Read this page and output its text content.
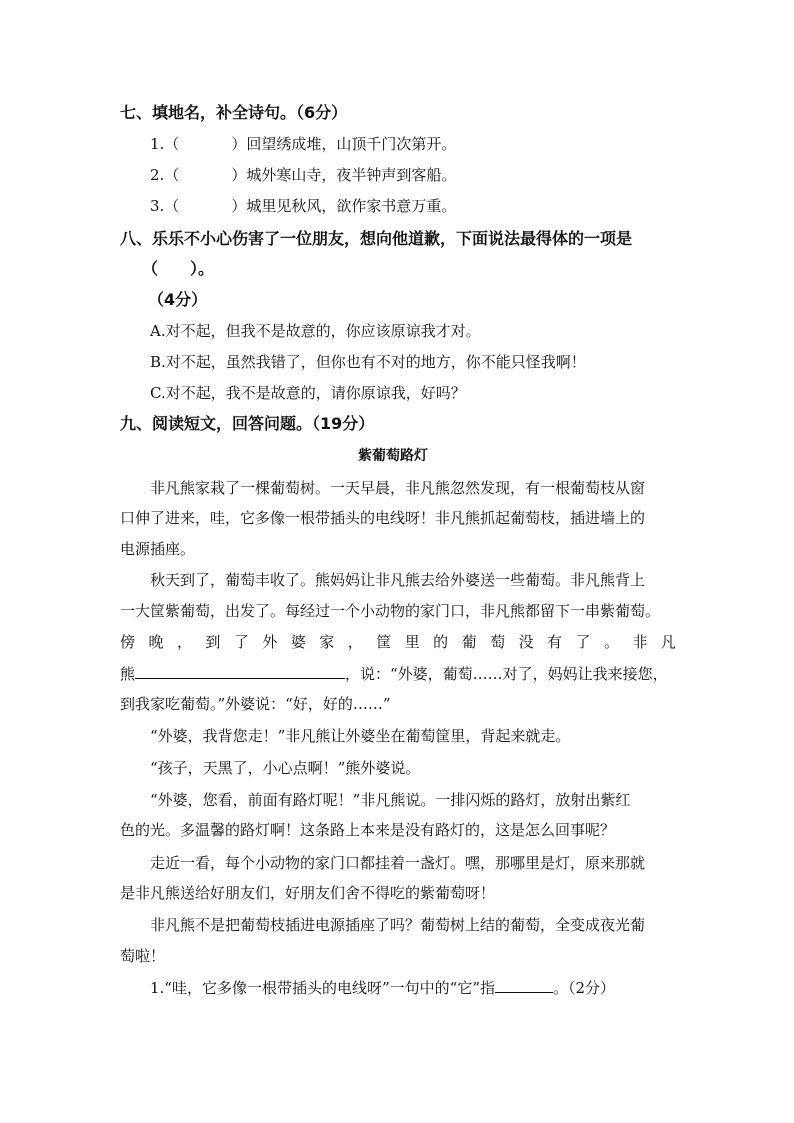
七、填地名，补全诗句。（6分）
1.（	）回望绣成堆，山顶千门次第开。
2.（	）城外寒山寺，夜半钟声到客船。
3.（	）城里见秋风，欲作家书意万重。
八、乐乐不小心伤害了一位朋友，想向他道歉，下面说法最得体的一项是
（　　）。
（4分）
A.对不起，但我不是故意的，你应该原谅我才对。
B.对不起，虽然我错了，但你也有不对的地方，你不能只怪我啊！
C.对不起，我不是故意的，请你原谅我，好吗？
九、阅读短文，回答问题。（19分）
紫葡萄路灯
非凡熊家栽了一棵葡萄树。一天早晨，非凡熊忽然发现，有一根葡萄枝从窗
口伸了进来，哇，它多像一根带插头的电线呀！非凡熊抓起葡萄枝，插进墙上的
电源插座。
秋天到了，葡萄丰收了。熊妈妈让非凡熊去给外婆送一些葡萄。非凡熊背上
一大筐紫葡萄，出发了。每经过一个小动物的家门口，非凡熊都留下一串紫葡萄。
傍 晚 ， 到 了 外 婆 家 ， 筐 里 的 葡 萄 没 有 了 。 非 凡
熊	，说：“外婆，葡萄……对了，妈妈让我来接您，
到我家吃葡萄。”外婆说：“好，好的……”
“外婆，我背您走！”非凡熊让外婆坐在葡萄筐里，背起来就走。
“孩子，天黑了，小心点啊！”熊外婆说。
“外婆，您看，前面有路灯呢！”非凡熊说。一排闪烁的路灯，放射出紫红
色的光。多温馨的路灯啊！这条路上本来是没有路灯的，这是怎么回事呢？
走近一看，每个小动物的家门口都挂着一盏灯。嘿，那哪里是灯，原来那就
是非凡熊送给好朋友们，好朋友们舍不得吃的紫葡萄呀！
非凡熊不是把葡萄枝插进电源插座了吗？葡萄树上结的葡萄，全变成夜光葡
萄啦！
1.“哇，它多像一根带插头的电线呀”一句中的“它”指	。（2分）
